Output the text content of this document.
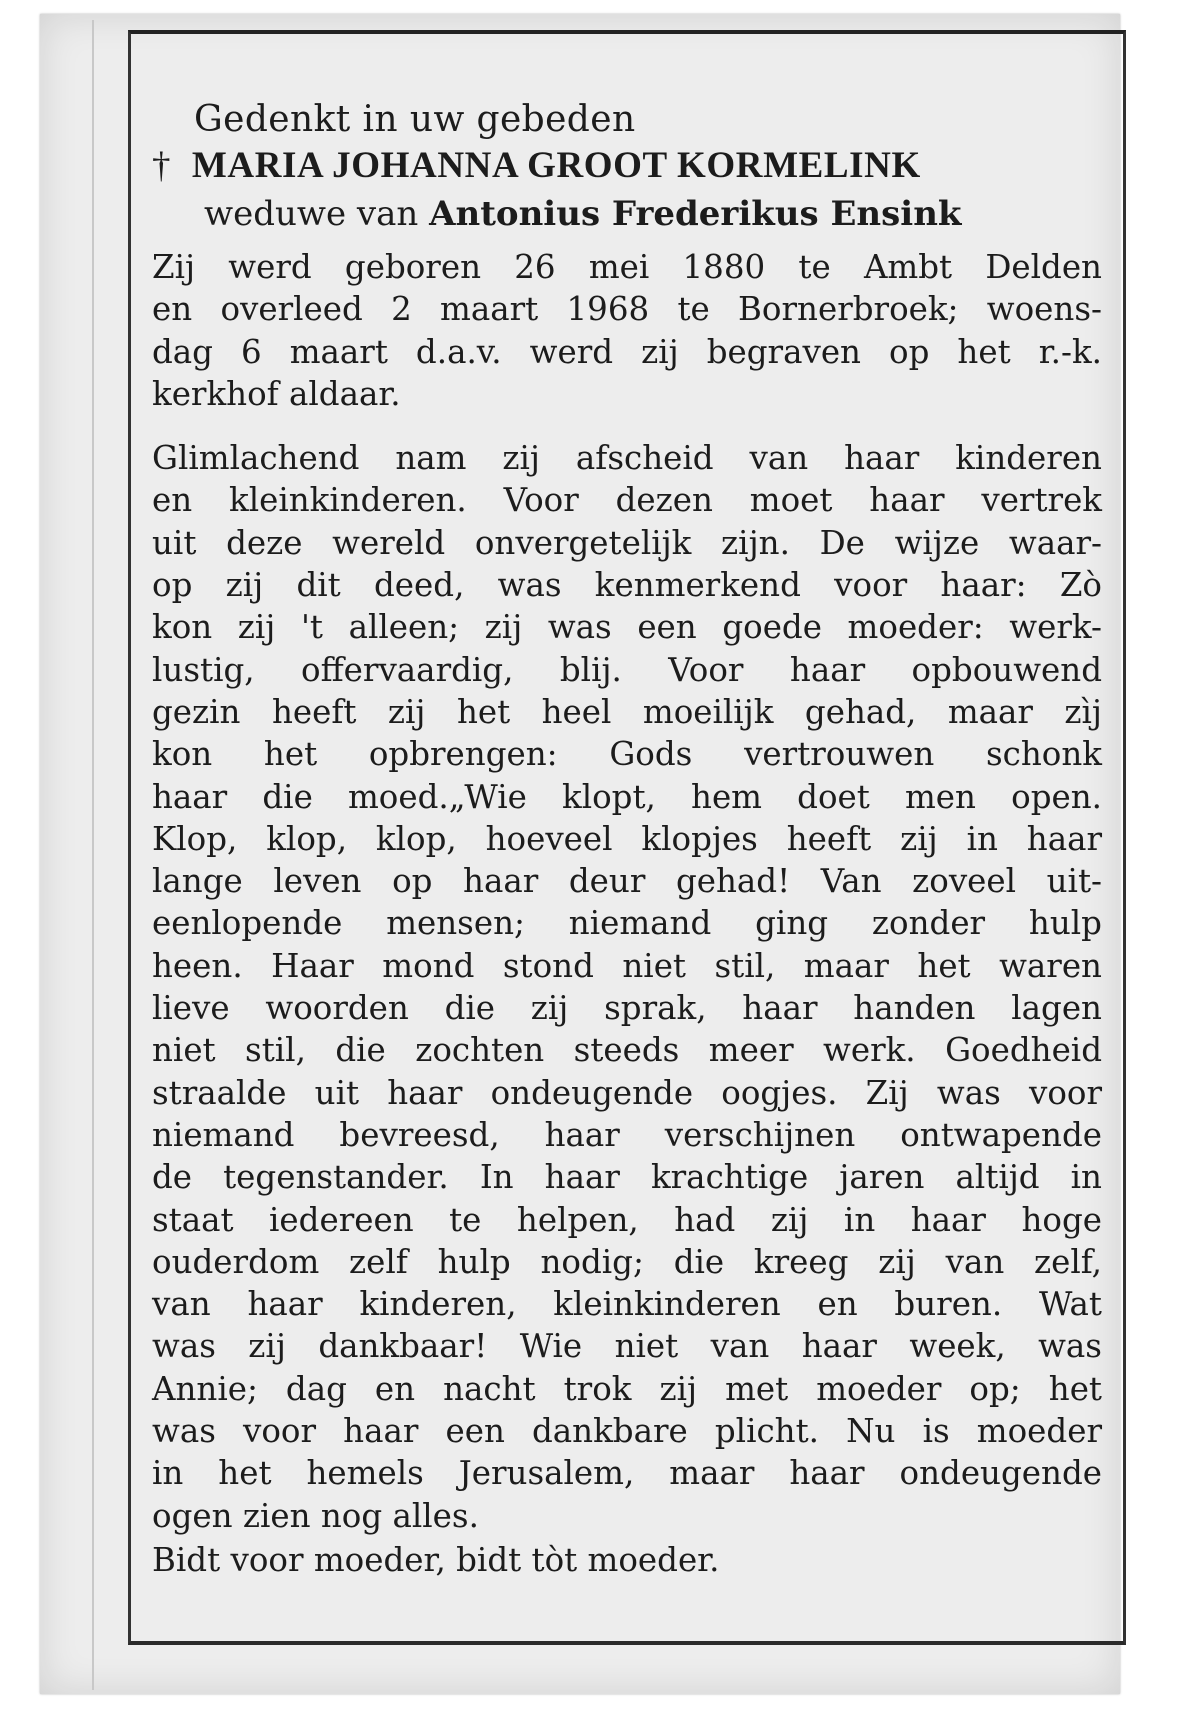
Gedenkt in uw gebeden

† MARIA JOHANNA GROOT KORMELINK

weduwe van Antonius Frederikus Ensink

Zij werd geboren 26 mei 1880 te Ambt Delden
en overleed 2 maart 1968 te Bornerbroek; woens-
dag 6 maart d.a.v. werd zij begraven op het r.-k.
kerkhof aldaar.
Glimlachend nam zij afscheid van haar kinderen
en kleinkinderen. Voor dezen moet haar vertrek
uit deze wereld onvergetelijk zijn. De wijze waar-
op zij dit deed, was kenmerkend voor haar: Zò
kon zij 't alleen; zij was een goede moeder: werk-
lustig, offervaardig, blij. Voor haar opbouwend
gezin heeft zij het heel moeilijk gehad, maar zìj
kon het opbrengen: Gods vertrouwen schonk
haar die moed.„Wie klopt, hem doet men open.
Klop, klop, klop, hoeveel klopjes heeft zij in haar
lange leven op haar deur gehad! Van zoveel uit-
eenlopende mensen; niemand ging zonder hulp
heen. Haar mond stond niet stil, maar het waren
lieve woorden die zij sprak, haar handen lagen
niet stil, die zochten steeds meer werk. Goedheid
straalde uit haar ondeugende oogjes. Zij was voor
niemand bevreesd, haar verschijnen ontwapende
de tegenstander. In haar krachtige jaren altijd in
staat iedereen te helpen, had zij in haar hoge
ouderdom zelf hulp nodig; die kreeg zij van zelf,
van haar kinderen, kleinkinderen en buren. Wat
was zij dankbaar! Wie niet van haar week, was
Annie; dag en nacht trok zij met moeder op; het
was voor haar een dankbare plicht. Nu is moeder
in het hemels Jerusalem, maar haar ondeugende
ogen zien nog alles.

Bidt voor moeder, bidt tòt moeder.
